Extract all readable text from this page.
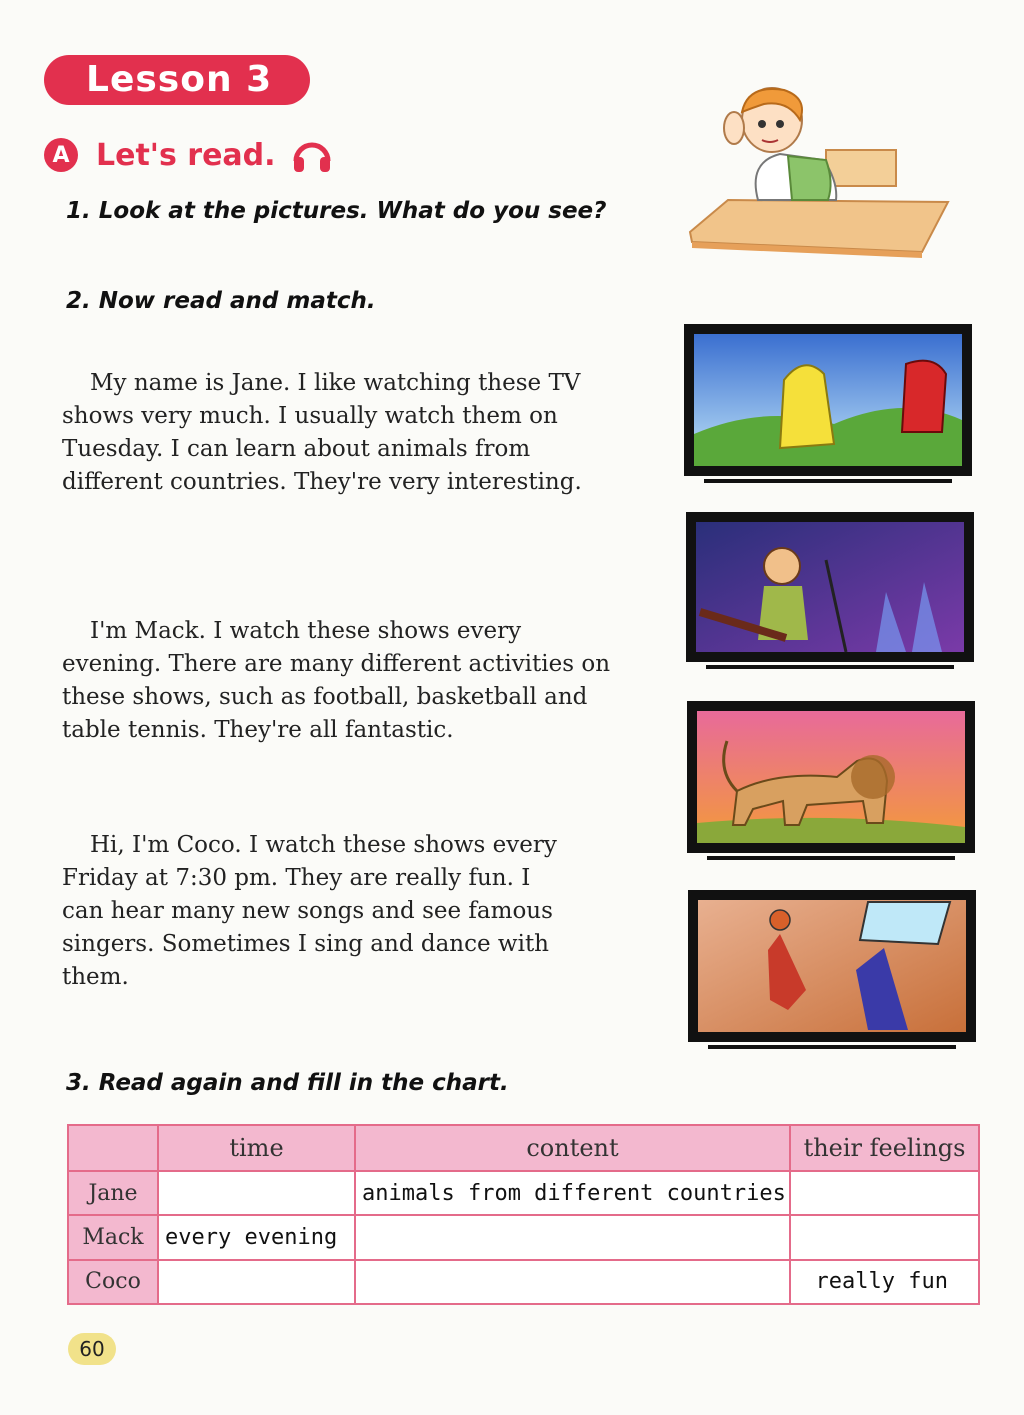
Lesson 3
A Let's read.
1. Look at the pictures. What do you see?
2. Now read and match.
My name is Jane. I like watching these TV shows very much. I usually watch them on Tuesday. I can learn about animals from different countries. They're very interesting.
I'm Mack. I watch these shows every evening. There are many different activities on these shows, such as football, basketball and table tennis. They're all fantastic.
Hi, I'm Coco. I watch these shows every Friday at 7:30 pm. They are really fun. I can hear many new songs and see famous singers. Sometimes I sing and dance with them.
3. Read again and fill in the chart.
	time	content	their feelings
Jane		animals from different countries	
Mack	every evening		
Coco			really fun
60
